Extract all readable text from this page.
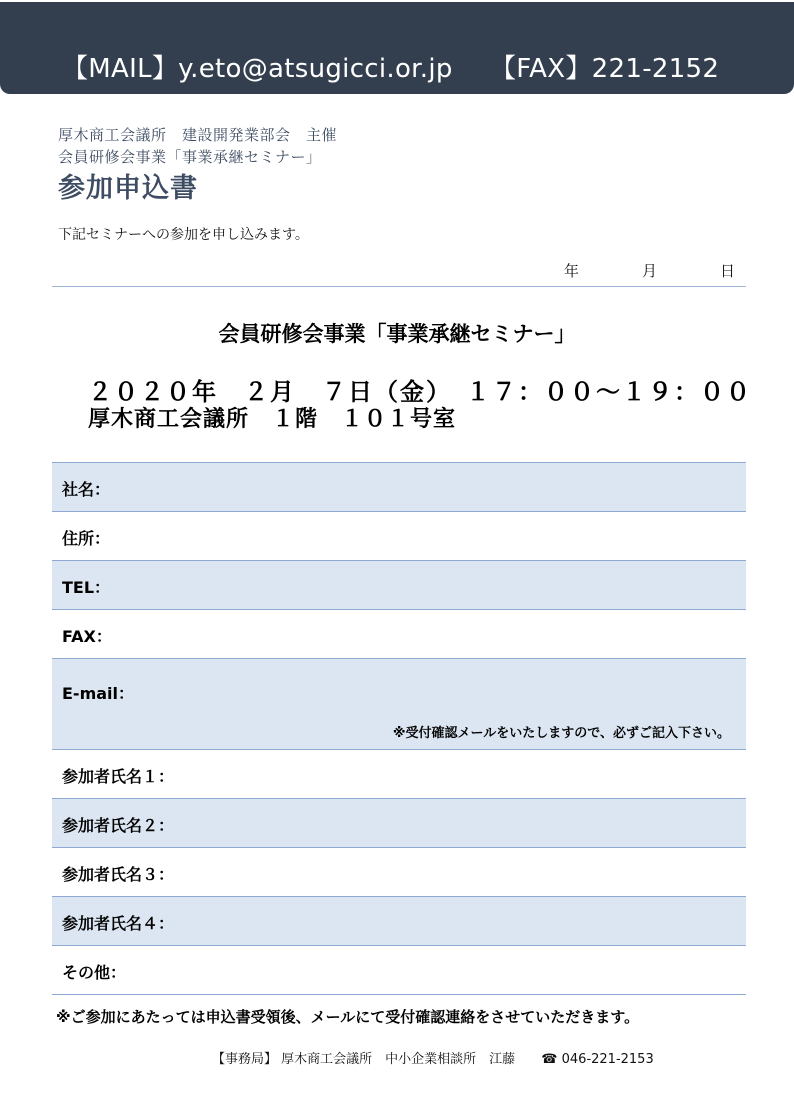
【MAIL】y.eto@atsugicci.or.jp 【FAX】221-2152
厚木商工会議所　建設開発業部会　主催
会員研修会事業「事業承継セミナー」
参加申込書
下記セミナーへの参加を申し込みます。
年	月	日
会員研修会事業「事業承継セミナー」
２０２０年　２月　７日（金）　１７：００～１９：００
厚木商工会議所　１階　１０１号室
社名：
住所：
TEL：
FAX：
E-mail：
※受付確認メールをいたしますので、必ずご記入下さい。
参加者氏名１：
参加者氏名２：
参加者氏名３：
参加者氏名４：
その他：
※ご参加にあたっては申込書受領後、メールにて受付確認連絡をさせていただきます。
【事務局】 厚木商工会議所　中小企業相談所　江藤 ☎ 046-221-2153
